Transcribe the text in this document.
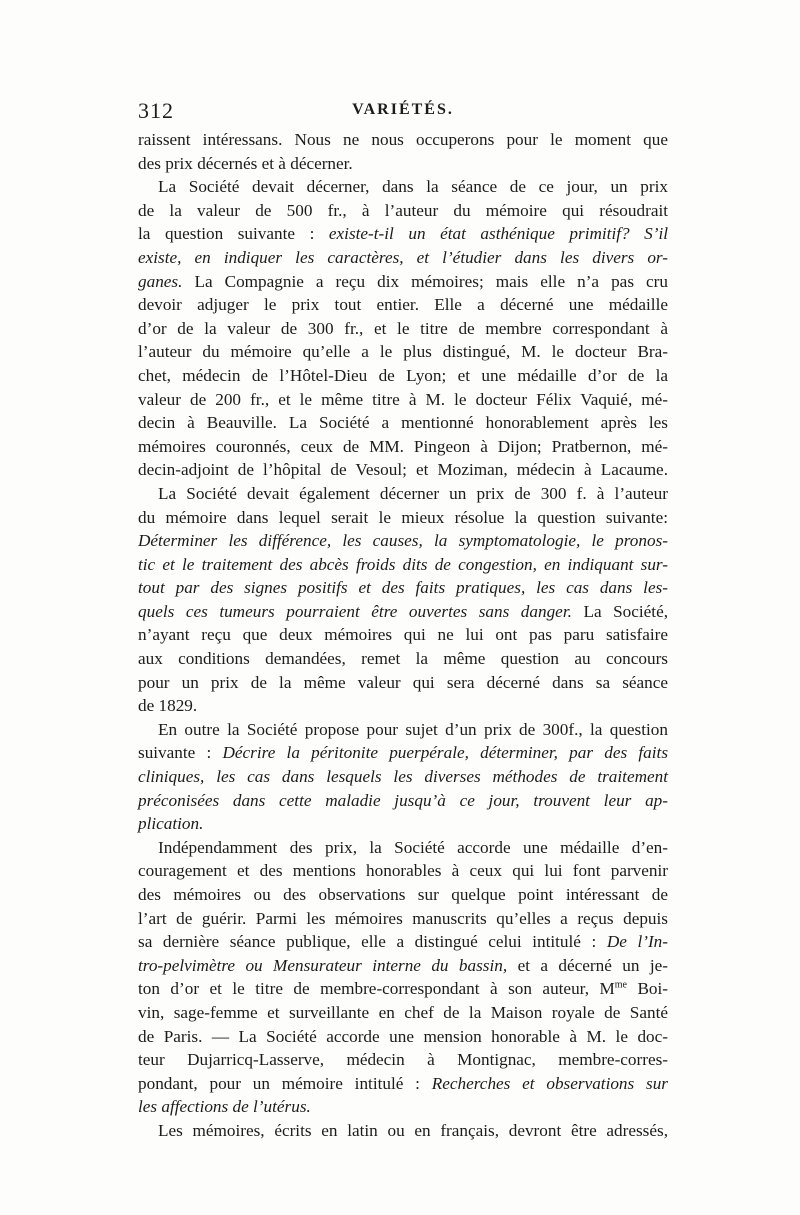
312	VARIÉTÉS.
raissent intéressans. Nous ne nous occuperons pour le moment que
des prix décernés et à décerner.
La Société devait décerner, dans la séance de ce jour, un prix
de la valeur de 500 fr., à l’auteur du mémoire qui résoudrait
la question suivante : existe-t-il un état asthénique primitif? S’il
existe, en indiquer les caractères, et l’étudier dans les divers or-
ganes. La Compagnie a reçu dix mémoires; mais elle n’a pas cru
devoir adjuger le prix tout entier. Elle a décerné une médaille
d’or de la valeur de 300 fr., et le titre de membre correspondant à
l’auteur du mémoire qu’elle a le plus distingué, M. le docteur Bra-
chet, médecin de l’Hôtel-Dieu de Lyon; et une médaille d’or de la
valeur de 200 fr., et le même titre à M. le docteur Félix Vaquié, mé-
decin à Beauville. La Société a mentionné honorablement après les
mémoires couronnés, ceux de MM. Pingeon à Dijon; Pratbernon, mé-
decin-adjoint de l’hôpital de Vesoul; et Moziman, médecin à Lacaume.
La Société devait également décerner un prix de 300 f. à l’auteur
du mémoire dans lequel serait le mieux résolue la question suivante:
Déterminer les différence, les causes, la symptomatologie, le pronos-
tic et le traitement des abcès froids dits de congestion, en indiquant sur-
tout par des signes positifs et des faits pratiques, les cas dans les-
quels ces tumeurs pourraient être ouvertes sans danger. La Société,
n’ayant reçu que deux mémoires qui ne lui ont pas paru satisfaire
aux conditions demandées, remet la même question au concours
pour un prix de la même valeur qui sera décerné dans sa séance
de 1829.
En outre la Société propose pour sujet d’un prix de 300f., la question
suivante : Décrire la péritonite puerpérale, déterminer, par des faits
cliniques, les cas dans lesquels les diverses méthodes de traitement
préconisées dans cette maladie jusqu’à ce jour, trouvent leur ap-
plication.
Indépendamment des prix, la Société accorde une médaille d’en-
couragement et des mentions honorables à ceux qui lui font parvenir
des mémoires ou des observations sur quelque point intéressant de
l’art de guérir. Parmi les mémoires manuscrits qu’elles a reçus depuis
sa dernière séance publique, elle a distingué celui intitulé : De l’In-
tro-pelvimètre ou Mensurateur interne du bassin, et a décerné un je-
ton d’or et le titre de membre-correspondant à son auteur, $M^{me}$ Boi-
vin, sage-femme et surveillante en chef de la Maison royale de Santé
de Paris. — La Société accorde une mension honorable à M. le doc-
teur Dujarricq-Lasserve, médecin à Montignac, membre-corres-
pondant, pour un mémoire intitulé : Recherches et observations sur
les affections de l’utérus.
Les mémoires, écrits en latin ou en français, devront être adressés,
